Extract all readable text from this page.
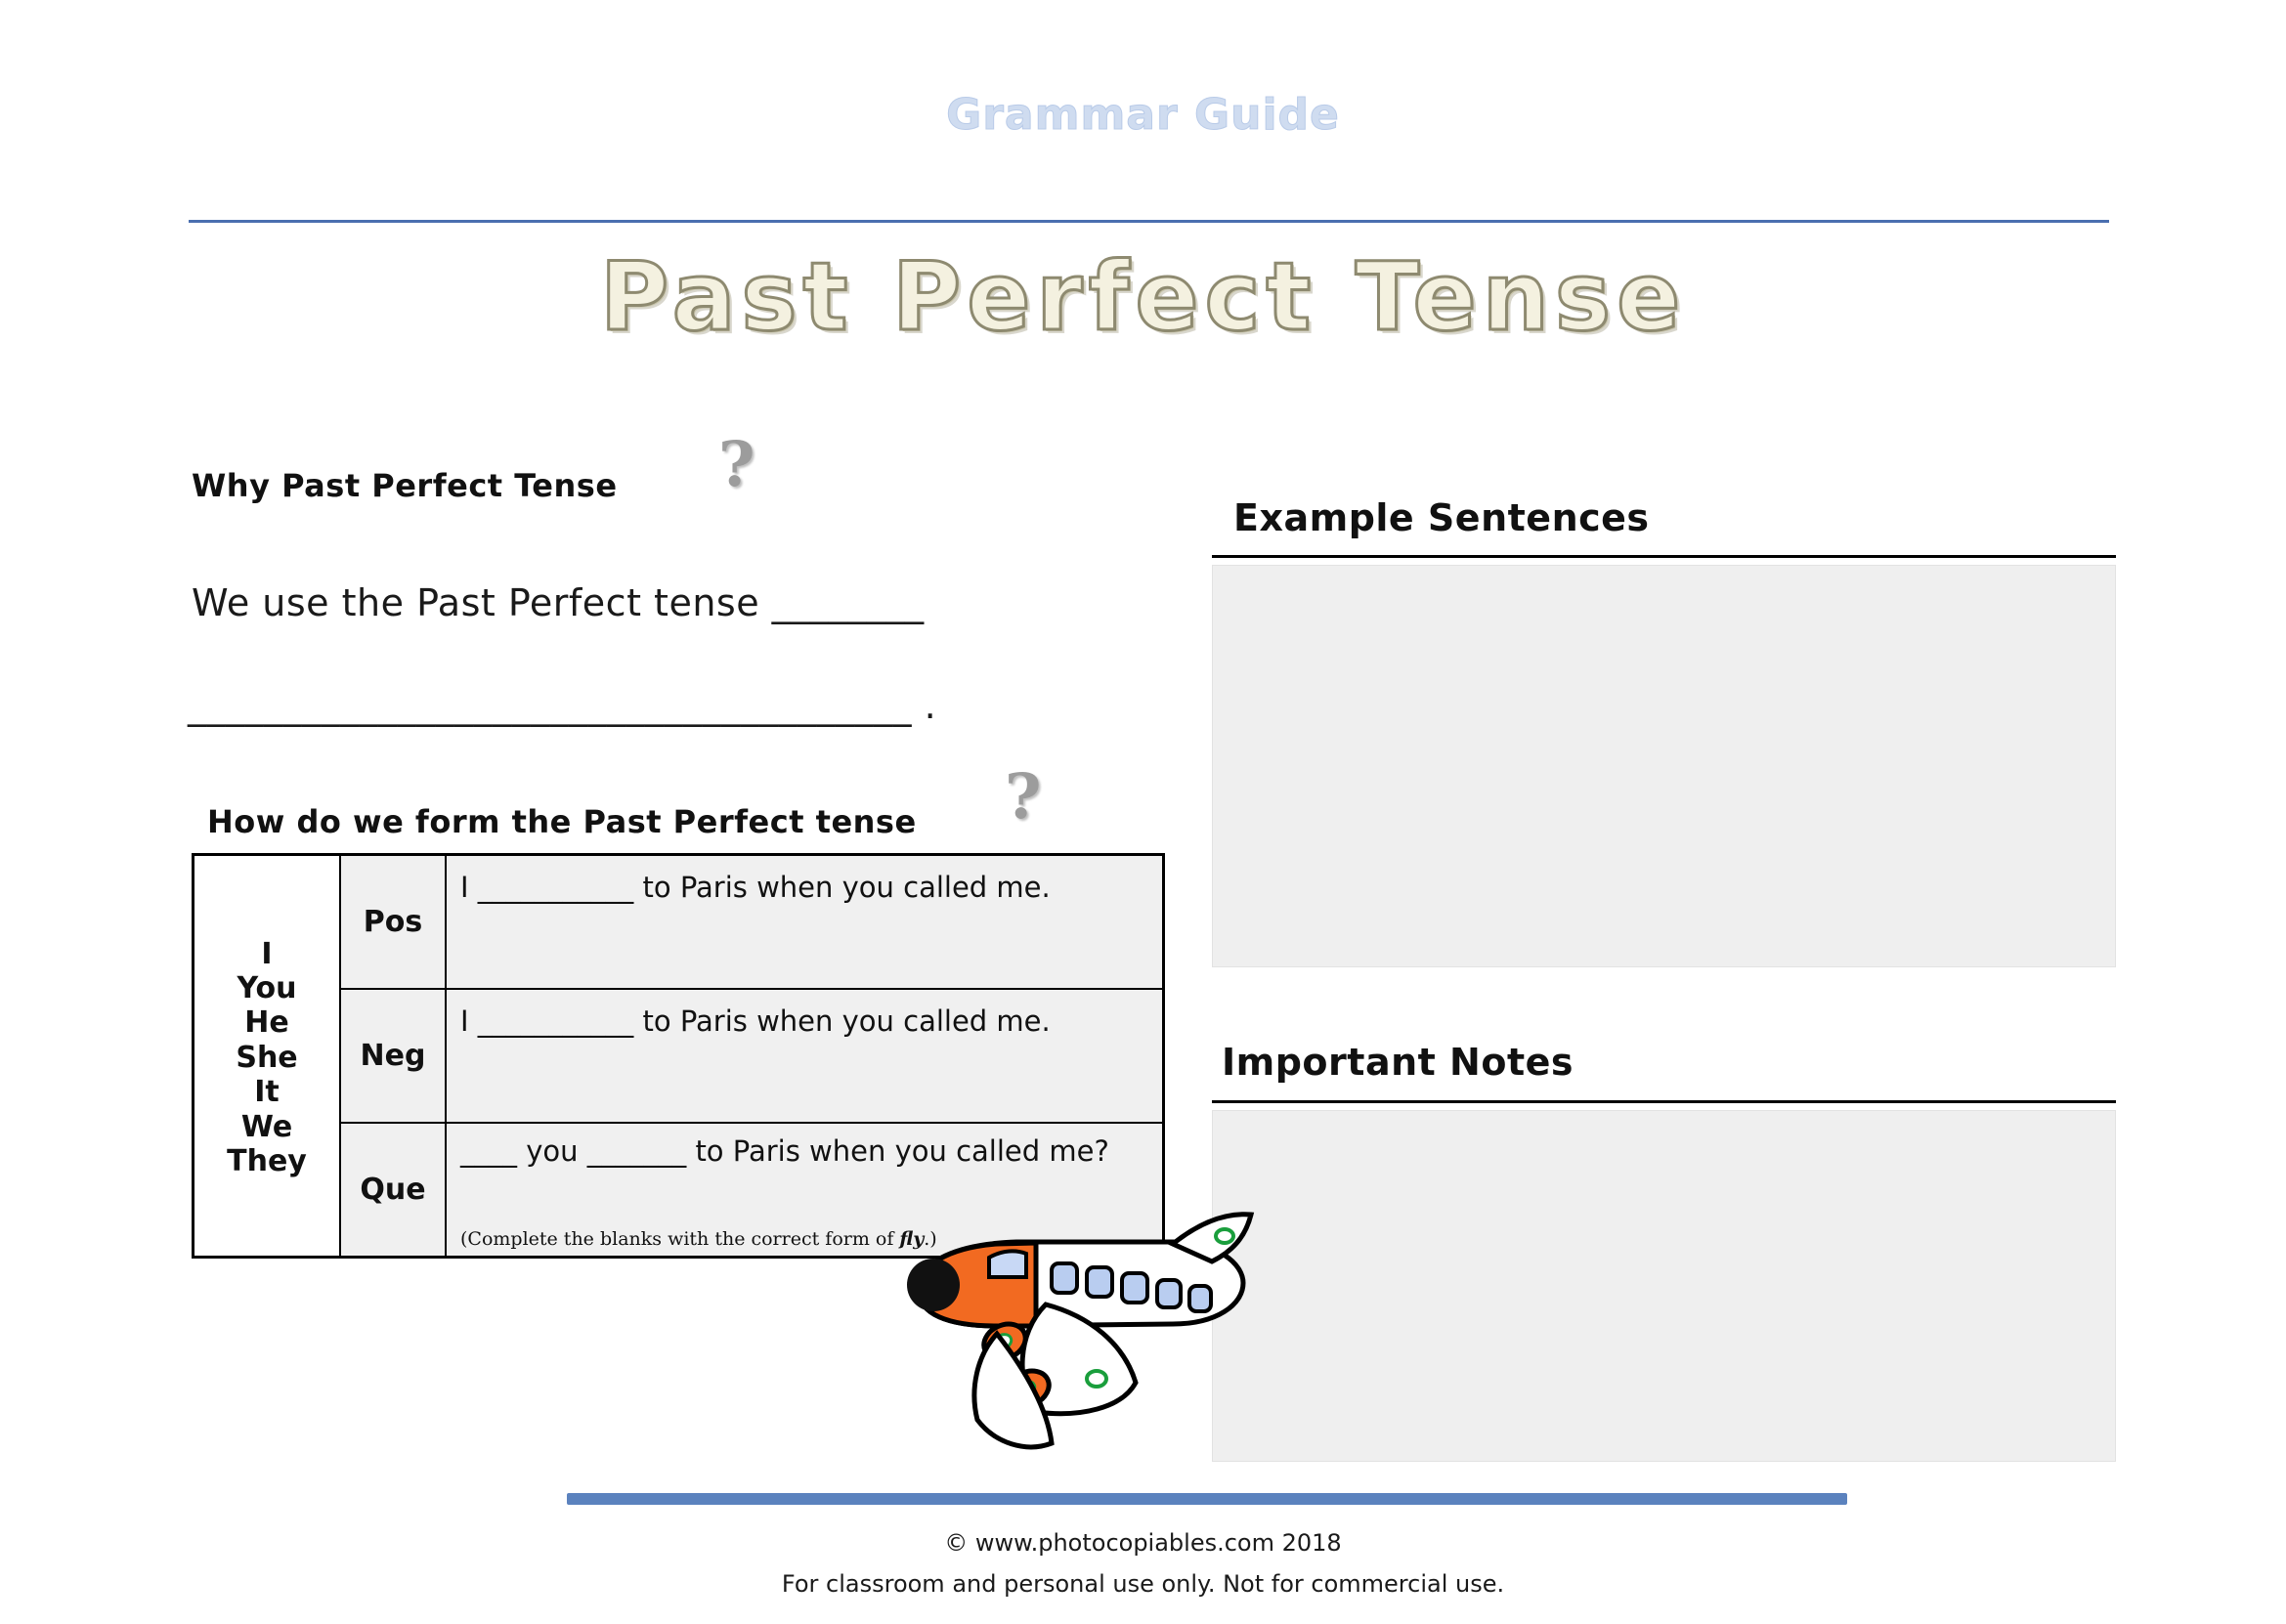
Grammar Guide
Past Perfect Tense
Why Past Perfect Tense ?
We use the Past Perfect tense ________
______________________________________ .
How do we form the Past Perfect tense ?
I
You
He
She
It
We
They
Pos
I ___________ to Paris when you called me.
Neg
I ___________ to Paris when you called me.
Que
____ you _______ to Paris when you called me?
(Complete the blanks with the correct form of fly.)
Example Sentences
Important Notes
© www.photocopiables.com 2018
For classroom and personal use only. Not for commercial use.
